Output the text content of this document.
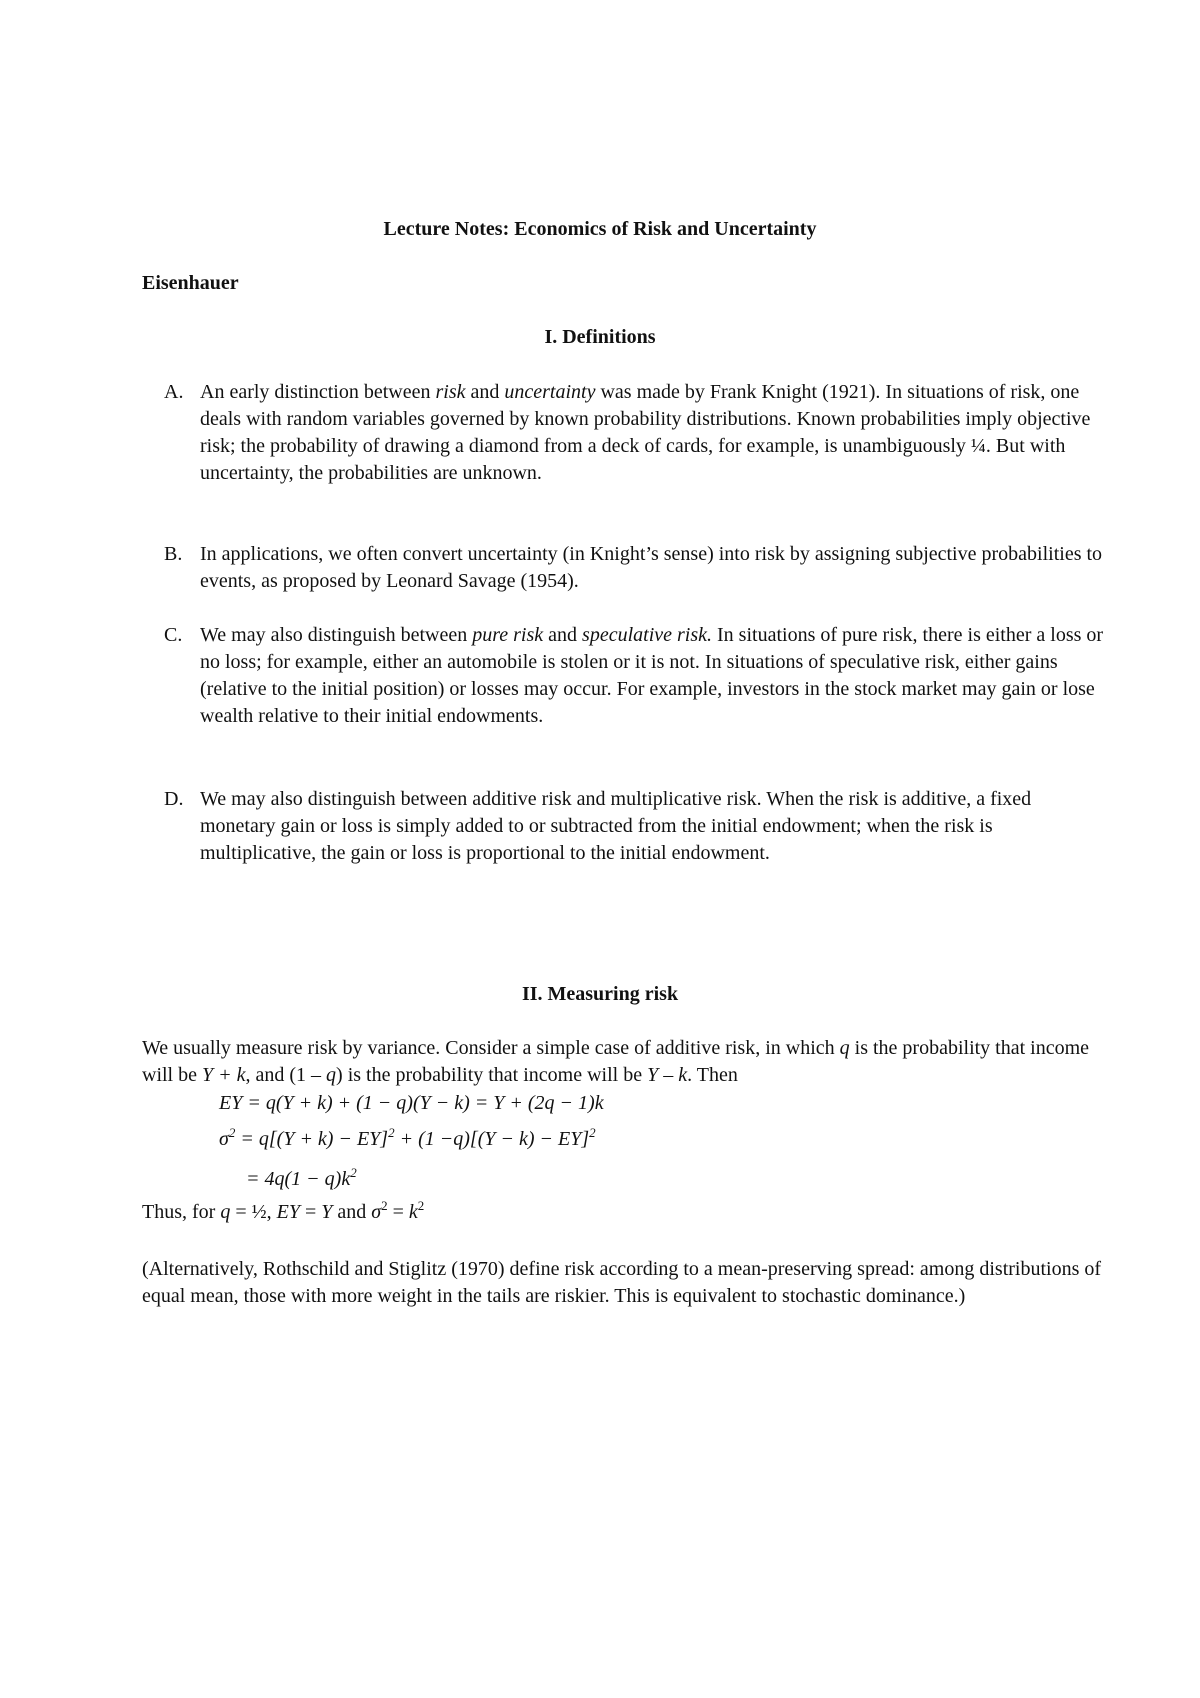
Lecture Notes: Economics of Risk and Uncertainty
Eisenhauer
I. Definitions
A. An early distinction between risk and uncertainty was made by Frank Knight (1921). In situations of risk, one deals with random variables governed by known probability distributions. Known probabilities imply objective risk; the probability of drawing a diamond from a deck of cards, for example, is unambiguously ¼. But with uncertainty, the probabilities are unknown.
B. In applications, we often convert uncertainty (in Knight’s sense) into risk by assigning subjective probabilities to events, as proposed by Leonard Savage (1954).
C. We may also distinguish between pure risk and speculative risk. In situations of pure risk, there is either a loss or no loss; for example, either an automobile is stolen or it is not. In situations of speculative risk, either gains (relative to the initial position) or losses may occur. For example, investors in the stock market may gain or lose wealth relative to their initial endowments.
D. We may also distinguish between additive risk and multiplicative risk. When the risk is additive, a fixed monetary gain or loss is simply added to or subtracted from the initial endowment; when the risk is multiplicative, the gain or loss is proportional to the initial endowment.
II. Measuring risk
We usually measure risk by variance. Consider a simple case of additive risk, in which q is the probability that income will be Y + k, and (1 – q) is the probability that income will be Y – k. Then
EY = q(Y + k) + (1 − q)(Y − k) = Y + (2q − 1)k
$\sigma^2 = q[(Y + k) - EY]^2 + (1 -q)[(Y - k) - EY]^2$
= $4q(1 - q)k^2$
Thus, for q = ½, EY = Y and $\sigma^2 = k^2$
(Alternatively, Rothschild and Stiglitz (1970) define risk according to a mean-preserving spread: among distributions of equal mean, those with more weight in the tails are riskier. This is equivalent to stochastic dominance.)
